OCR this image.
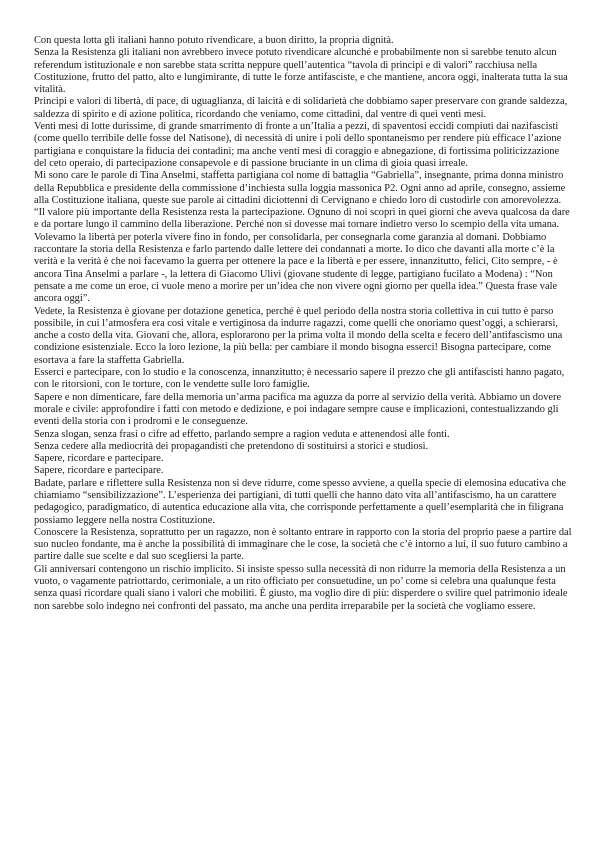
Con questa lotta gli italiani hanno potuto rivendicare, a buon diritto, la propria dignità.

Senza la Resistenza gli italiani non avrebbero invece potuto rivendicare alcunché e probabilmente non si sarebbe tenuto alcun referendum istituzionale e non sarebbe stata scritta neppure quell’autentica “tavola di principi e di valori” racchiusa nella Costituzione, frutto del patto, alto e lungimirante, di tutte le forze antifasciste, e che mantiene, ancora oggi, inalterata tutta la sua vitalità.

Principi e valori di libertà, di pace, di uguaglianza, di laicità e di solidarietà che dobbiamo saper preservare con grande saldezza, saldezza di spirito e di azione politica, ricordando che veniamo, come cittadini, dal ventre di quei venti mesi.

Venti mesi di lotte durissime, di grande smarrimento di fronte a un’Italia a pezzi, di spaventosi eccidi compiuti dai nazifascisti (come quello terribile delle fosse del Natisone), di necessità di unire i poli dello spontaneismo per rendere più efficace l’azione partigiana e conquistare la fiducia dei contadini; ma anche venti mesi di coraggio e abnegazione, di fortissima politicizzazione del ceto operaio, di partecipazione consapevole e di passione bruciante in un clima di gioia quasi irreale.

Mi sono care le parole di Tina Anselmi, staffetta partigiana col nome di battaglia “Gabriella”, insegnante, prima donna ministro della Repubblica e presidente della commissione d’inchiesta sulla loggia massonica P2. Ogni anno ad aprile, consegno, assieme alla Costituzione italiana, queste sue parole ai cittadini diciottenni di Cervignano e chiedo loro di custodirle con amorevolezza.

“Il valore più importante della Resistenza resta la partecipazione. Ognuno di noi scoprì in quei giorni che aveva qualcosa da dare e da portare lungo il cammino della liberazione. Perché non si dovesse mai tornare indietro verso lo scempio della vita umana. Volevamo la libertà per poterla vivere fino in fondo, per consolidarla, per consegnarla come garanzia al domani. Dobbiamo raccontare la storia della Resistenza e farlo partendo dalle lettere dei condannati a morte. Io dico che davanti alla morte c’è la verità e la verità è che noi facevamo la guerra per ottenere la pace e la libertà e per essere, innanzitutto, felici, Cito sempre, - è ancora Tina Anselmi a parlare -, la lettera di Giacomo Ulivi (giovane studente di legge, partigiano fucilato a Modena) : “Non pensate a me come un eroe, ci vuole meno a morire per un’idea che non vivere ogni giorno per quella idea.” Questa frase vale ancora oggi”.

Vedete, la Resistenza è giovane per dotazione genetica, perché è quel periodo della nostra storia collettiva in cui tutto è parso possibile, in cui l’atmosfera era così vitale e vertiginosa da indurre ragazzi, come quelli che onoriamo quest’oggi, a schierarsi, anche a costo della vita. Giovani che, allora, esplorarono per la prima volta il mondo della scelta e fecero dell’antifascismo una condizione esistenziale. Ecco la loro lezione, la più bella: per cambiare il mondo bisogna esserci! Bisogna partecipare, come esortava a fare la staffetta Gabriella.

Esserci e partecipare, con lo studio e la conoscenza, innanzitutto; è necessario sapere il prezzo che gli antifascisti hanno pagato, con le ritorsioni, con le torture, con le vendette sulle loro famiglie.

Sapere e non dimenticare, fare della memoria un’arma pacifica ma aguzza da porre al servizio della verità. Abbiamo un dovere morale e civile: approfondire i fatti con metodo e dedizione, e poi indagare sempre cause e implicazioni, contestualizzando gli eventi della storia con i prodromi e le conseguenze.

Senza slogan, senza frasi o cifre ad effetto, parlando sempre a ragion veduta e attenendosi alle fonti.

Senza cedere alla mediocrità dei propagandisti che pretendono di sostituirsi a storici e studiosi.

Sapere, ricordare e partecipare.

Sapere, ricordare e partecipare.

Badate, parlare e riflettere sulla Resistenza non si deve ridurre, come spesso avviene, a quella specie di elemosina educativa che chiamiamo “sensibilizzazione”. L’esperienza dei partigiani, di tutti quelli che hanno dato vita all’antifascismo, ha un carattere pedagogico, paradigmatico, di autentica educazione alla vita, che corrisponde perfettamente a quell’esemplarità che in filigrana possiamo leggere nella nostra Costituzione.

Conoscere la Resistenza, soprattutto per un ragazzo, non è soltanto entrare in rapporto con la storia del proprio paese a partire dal suo nucleo fondante, ma è anche la possibilità di immaginare che le cose, la società che c’è intorno a lui, il suo futuro cambino a partire dalle sue scelte e dal suo scegliersi la parte.

Gli anniversari contengono un rischio implicito. Si insiste spesso sulla necessità di non ridurre la memoria della Resistenza a un vuoto, o vagamente patriottardo, cerimoniale, a un rito officiato per consuetudine, un po’ come si celebra una qualunque festa senza quasi ricordare quali siano i valori che mobiliti. È giusto, ma voglio dire di più: disperdere o svilire quel patrimonio ideale non sarebbe solo indegno nei confronti del passato, ma anche una perdita irreparabile per la società che vogliamo essere.
